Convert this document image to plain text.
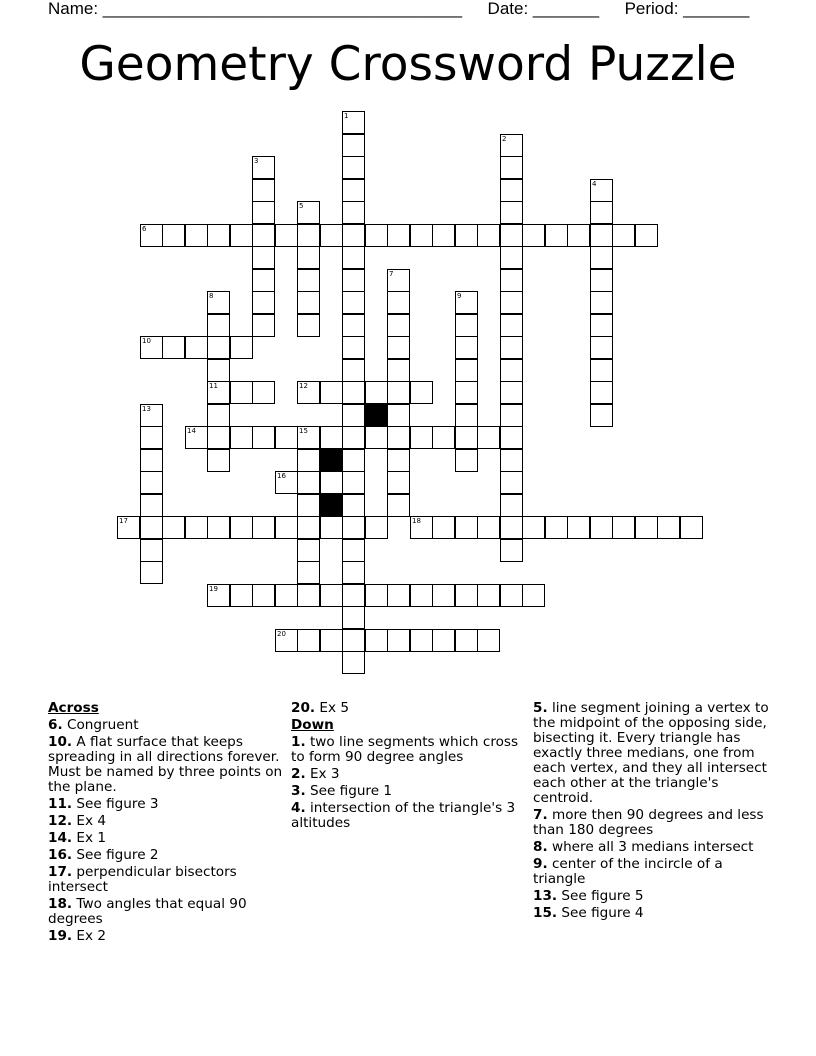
Name: ______________________________________ Date: _______ Period: _______
Geometry Crossword Puzzle
1
2
3
4
5
7
8
11
9
13
15
6
10
12
14
16
17	18
19
20
Across
6. Congruent
10. A flat surface that keeps spreading in all directions forever. Must be named by three points on the plane.
11. See figure 3
12. Ex 4
14. Ex 1
16. See figure 2
17. perpendicular bisectors intersect
18. Two angles that equal 90 degrees
19. Ex 2
20. Ex 5
Down
1. two line segments which cross to form 90 degree angles
2. Ex 3
3. See figure 1
4. intersection of the triangle's 3 altitudes
5. line segment joining a vertex to the midpoint of the opposing side, bisecting it. Every triangle has exactly three medians, one from each vertex, and they all intersect each other at the triangle's centroid.
7. more then 90 degrees and less than 180 degrees
8. where all 3 medians intersect
9. center of the incircle of a triangle
13. See figure 5
15. See figure 4
